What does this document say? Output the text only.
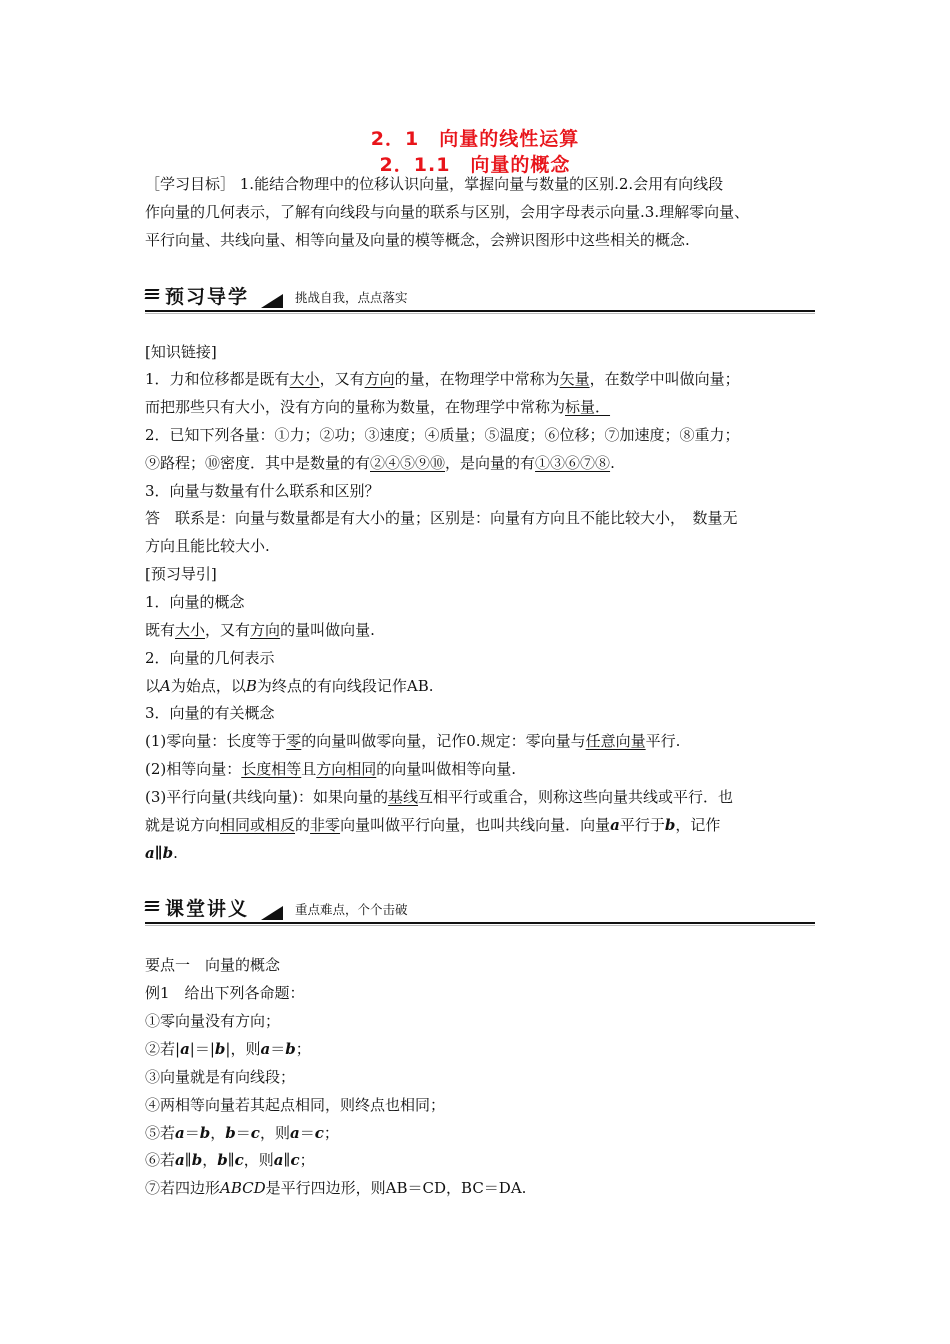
2．1　向量的线性运算
2．1.1　向量的概念
［学习目标］ 1.能结合物理中的位移认识向量，掌握向量与数量的区别.2.会用有向线段
作向量的几何表示，了解有向线段与向量的联系与区别，会用字母表示向量.3.理解零向量、
平行向量、共线向量、相等向量及向量的模等概念，会辨识图形中这些相关的概念.
预习导学	挑战自我，点点落实
[知识链接]
1．力和位移都是既有大小，又有方向的量，在物理学中常称为矢量，在数学中叫做向量；
而把那些只有大小，没有方向的量称为数量，在物理学中常称为标量．
2．已知下列各量：①力；②功；③速度；④质量；⑤温度；⑥位移；⑦加速度；⑧重力；
⑨路程；⑩密度．其中是数量的有②④⑤⑨⑩，是向量的有①③⑥⑦⑧.
3．向量与数量有什么联系和区别？
答　联系是：向量与数量都是有大小的量；区别是：向量有方向且不能比较大小，　数量无
方向且能比较大小.
[预习导引]
1．向量的概念
既有大小，又有方向的量叫做向量.
2．向量的几何表示
以A为始点，以B为终点的有向线段记作AB.
3．向量的有关概念
(1)零向量：长度等于零的向量叫做零向量，记作0.规定：零向量与任意向量平行.
(2)相等向量：长度相等且方向相同的向量叫做相等向量.
(3)平行向量(共线向量)：如果向量的基线互相平行或重合，则称这些向量共线或平行．也
就是说方向相同或相反的非零向量叫做平行向量，也叫共线向量．向量a平行于b，记作
a∥b.
课堂讲义	重点难点，个个击破
要点一　向量的概念
例1　给出下列各命题：
①零向量没有方向；
②若|a|＝|b|，则a＝b；
③向量就是有向线段；
④两相等向量若其起点相同，则终点也相同；
⑤若a＝b，b＝c，则a＝c；
⑥若a∥b，b∥c，则a∥c；
⑦若四边形ABCD是平行四边形，则AB＝CD，BC＝DA.
